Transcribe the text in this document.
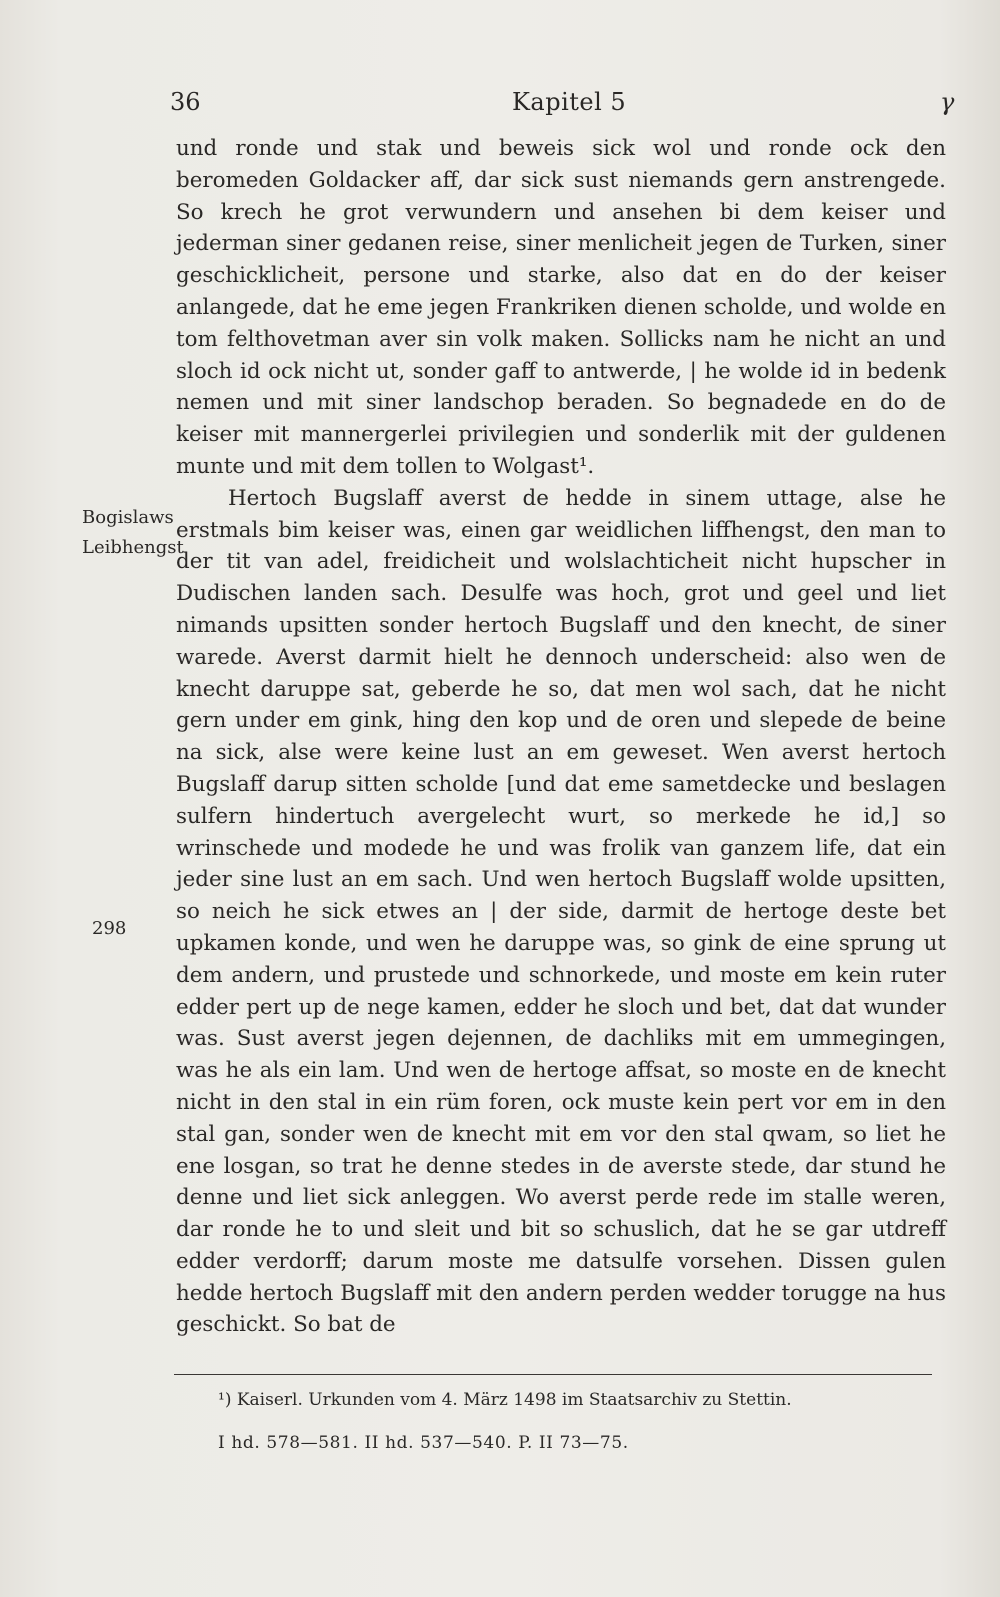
36	Kapitel 5	γ
Bogislaws Leibhengst
298

und ronde und stak und beweis sick wol und ronde ock den beromeden Goldacker aff, dar sick sust niemands gern anstrengede. So krech he grot verwundern und ansehen bi dem keiser und jederman siner gedanen reise, siner menlicheit jegen de Turken, siner geschicklicheit, persone und starke, also dat en do der keiser anlangede, dat he eme jegen Frankriken dienen scholde, und wolde en tom felthovetman aver sin volk maken. Sollicks nam he nicht an und sloch id ock nicht ut, sonder gaff to antwerde, | he wolde id in bedenk nemen und mit siner landschop beraden. So begnadede en do de keiser mit mannergerlei privilegien und sonderlik mit der guldenen munte und mit dem tollen to Wolgast¹.

Hertoch Bugslaff averst de hedde in sinem uttage, alse he erstmals bim keiser was, einen gar weidlichen liffhengst, den man to der tit van adel, freidicheit und wolslachticheit nicht hupscher in Dudischen landen sach. Desulfe was hoch, grot und geel und liet nimands upsitten sonder hertoch Bugslaff und den knecht, de siner warede. Averst darmit hielt he dennoch underscheid: also wen de knecht daruppe sat, geberde he so, dat men wol sach, dat he nicht gern under em gink, hing den kop und de oren und slepede de beine na sick, alse were keine lust an em geweset. Wen averst hertoch Bugslaff darup sitten scholde [und dat eme sametdecke und beslagen sulfern hindertuch avergelecht wurt, so merkede he id,] so wrinschede und modede he und was frolik van ganzem life, dat ein jeder sine lust an em sach. Und wen hertoch Bugslaff wolde upsitten, so neich he sick etwes an | der side, darmit de hertoge deste bet upkamen konde, und wen he daruppe was, so gink de eine sprung ut dem andern, und prustede und schnorkede, und moste em kein ruter edder pert up de nege kamen, edder he sloch und bet, dat dat wunder was. Sust averst jegen dejennen, de dachliks mit em ummegingen, was he als ein lam. Und wen de hertoge affsat, so moste en de knecht nicht in den stal in ein rüm foren, ock muste kein pert vor em in den stal gan, sonder wen de knecht mit em vor den stal qwam, so liet he ene losgan, so trat he denne stedes in de averste stede, dar stund he denne und liet sick anleggen. Wo averst perde rede im stalle weren, dar ronde he to und sleit und bit so schuslich, dat he se gar utdreff edder verdorff; darum moste me datsulfe vorsehen. Dissen gulen hedde hertoch Bugslaff mit den andern perden wedder torugge na hus geschickt. So bat de

¹) Kaiserl. Urkunden vom 4. März 1498 im Staatsarchiv zu Stettin.
I hd. 578—581. II hd. 537—540. P. II 73—75.
